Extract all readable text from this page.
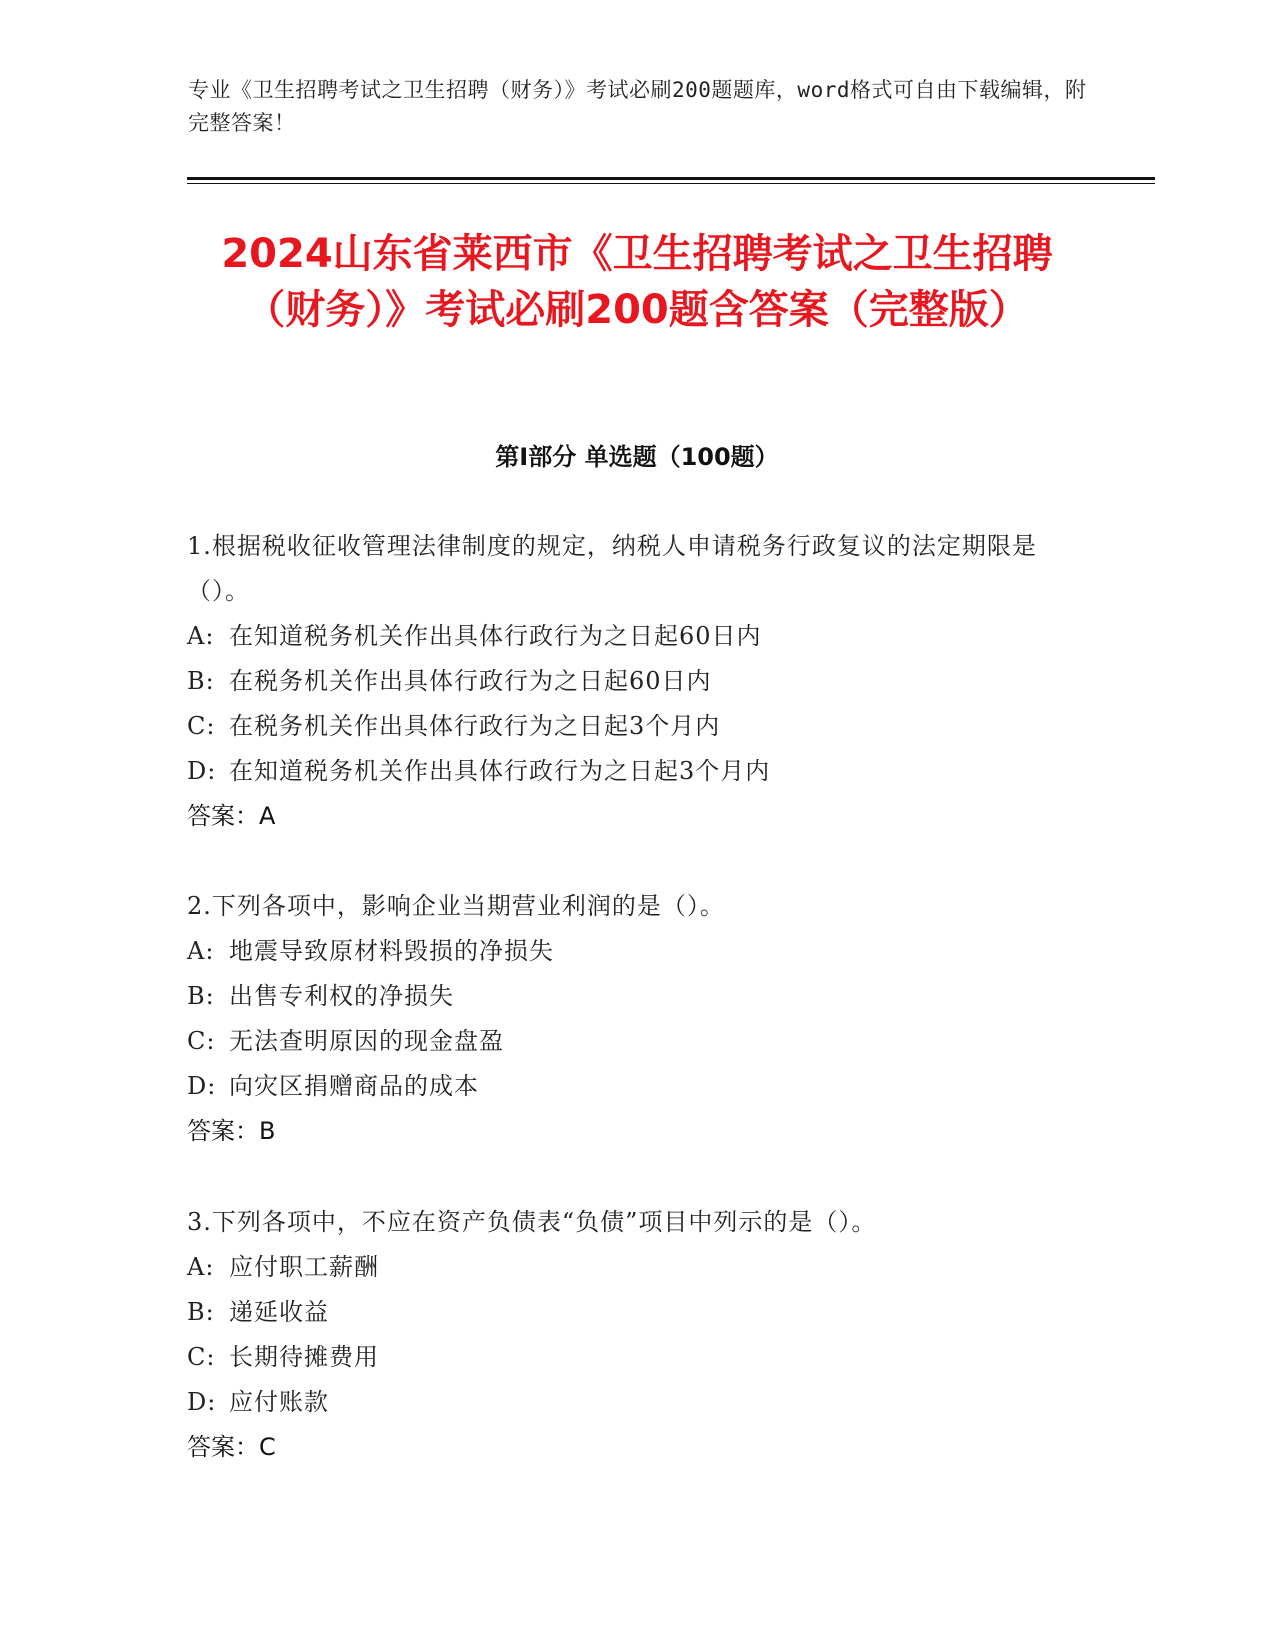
专业《卫生招聘考试之卫生招聘（财务）》考试必刷200题题库，word格式可自由下载编辑，附完整答案！
2024山东省莱西市《卫生招聘考试之卫生招聘（财务）》考试必刷200题含答案（完整版）
第I部分 单选题（100题）

1.根据税收征收管理法律制度的规定，纳税人申请税务行政复议的法定期限是（）。

A: 在知道税务机关作出具体行政行为之日起60日内

B: 在税务机关作出具体行政行为之日起60日内

C: 在税务机关作出具体行政行为之日起3个月内

D: 在知道税务机关作出具体行政行为之日起3个月内

答案：A

2.下列各项中，影响企业当期营业利润的是（）。

A: 地震导致原材料毁损的净损失

B: 出售专利权的净损失

C: 无法查明原因的现金盘盈

D: 向灾区捐赠商品的成本

答案：B

3.下列各项中，不应在资产负债表“负债”项目中列示的是（）。

A: 应付职工薪酬

B: 递延收益

C: 长期待摊费用

D: 应付账款

答案：C
